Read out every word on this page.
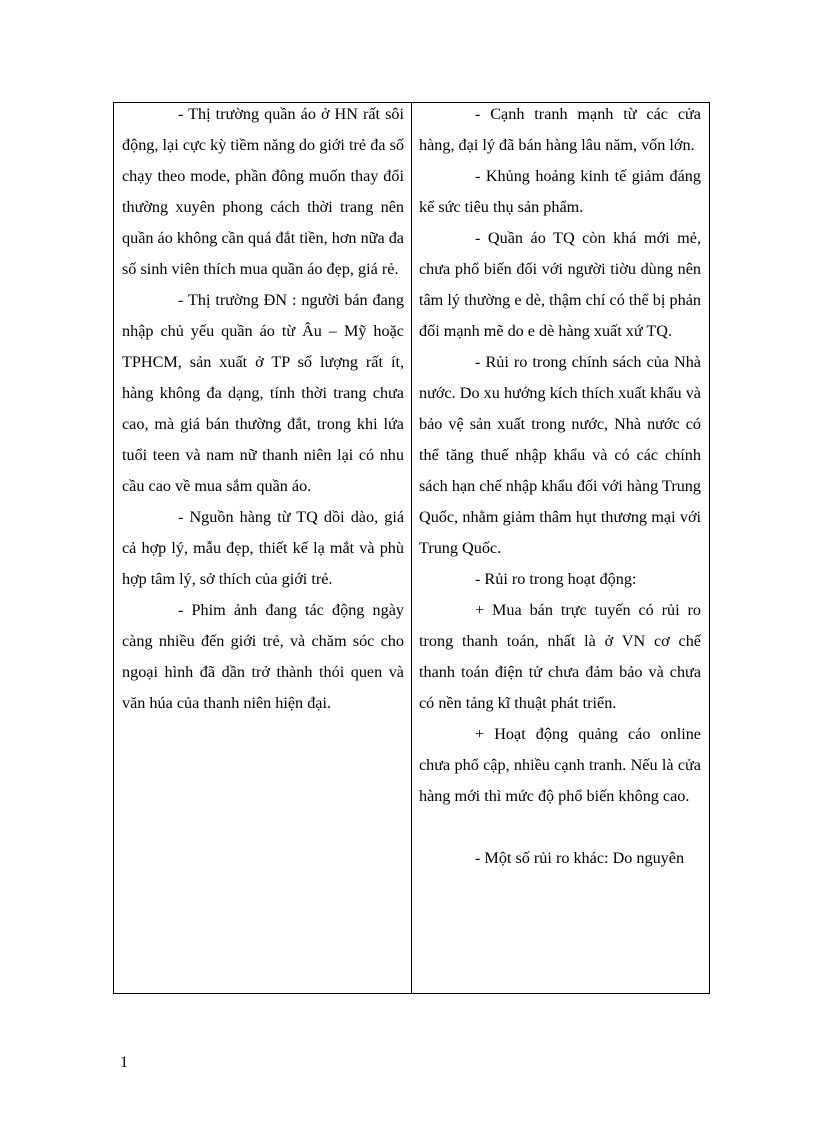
- Thị trường quần áo ở HN rất sôi động, lại cực kỳ tiềm năng do giới trẻ đa số chạy theo mode, phần đông muốn thay đổi thường xuyên phong cách thời trang nên quần áo không cần quá đắt tiền, hơn nữa đa số sinh viên thích mua quần áo đẹp, giá rẻ.

- Thị trường ĐN : người bán đang nhập chủ yếu quần áo từ Âu – Mỹ hoặc TPHCM, sản xuất ở TP số lượng rất ít, hàng không đa dạng, tính thời trang chưa cao, mà giá bán thường đắt, trong khi lứa tuổi teen và nam nữ thanh niên lại có nhu cầu cao về mua sắm quần áo.

- Nguồn hàng từ TQ dồi dào, giá cả hợp lý, mẫu đẹp, thiết kế lạ mắt và phù hợp tâm lý, sở thích của giới trẻ.

- Phim ảnh đang tác động ngày càng nhiều đến giới trẻ, và chăm sóc cho ngoại hình đã dần trở thành thói quen và văn húa của thanh niên hiện đại.

- Cạnh tranh mạnh từ các cửa hàng, đại lý đã bán hàng lâu năm, vốn lớn.

- Khủng hoảng kinh tế giảm đáng kể sức tiêu thụ sản phẩm.

- Quần áo TQ còn khá mới mẻ, chưa phổ biến đối với người tiờu dùng nên tâm lý thường e dè, thậm chí có thể bị phản đối mạnh mẽ do e dè hàng xuất xứ TQ.

- Rủi ro trong chính sách của Nhà nước. Do xu hướng kích thích xuất khẩu và bảo vệ sản xuất trong nước, Nhà nước có thể tăng thuế nhập khẩu và có các chính sách hạn chế nhập khẩu đối với hàng Trung Quốc, nhằm giảm thâm hụt thương mại với Trung Quốc.

- Rủi ro trong hoạt động:

+ Mua bán trực tuyến có rủi ro trong thanh toán, nhất là ở VN cơ chế thanh toán điện tử chưa đảm bảo và chưa có nền tảng kĩ thuật phát triển.

+ Hoạt động quảng cáo online chưa phổ cập, nhiều cạnh tranh. Nếu là cửa hàng mới thì mức độ phổ biến không cao.

- Một số rủi ro khác: Do nguyên

1
